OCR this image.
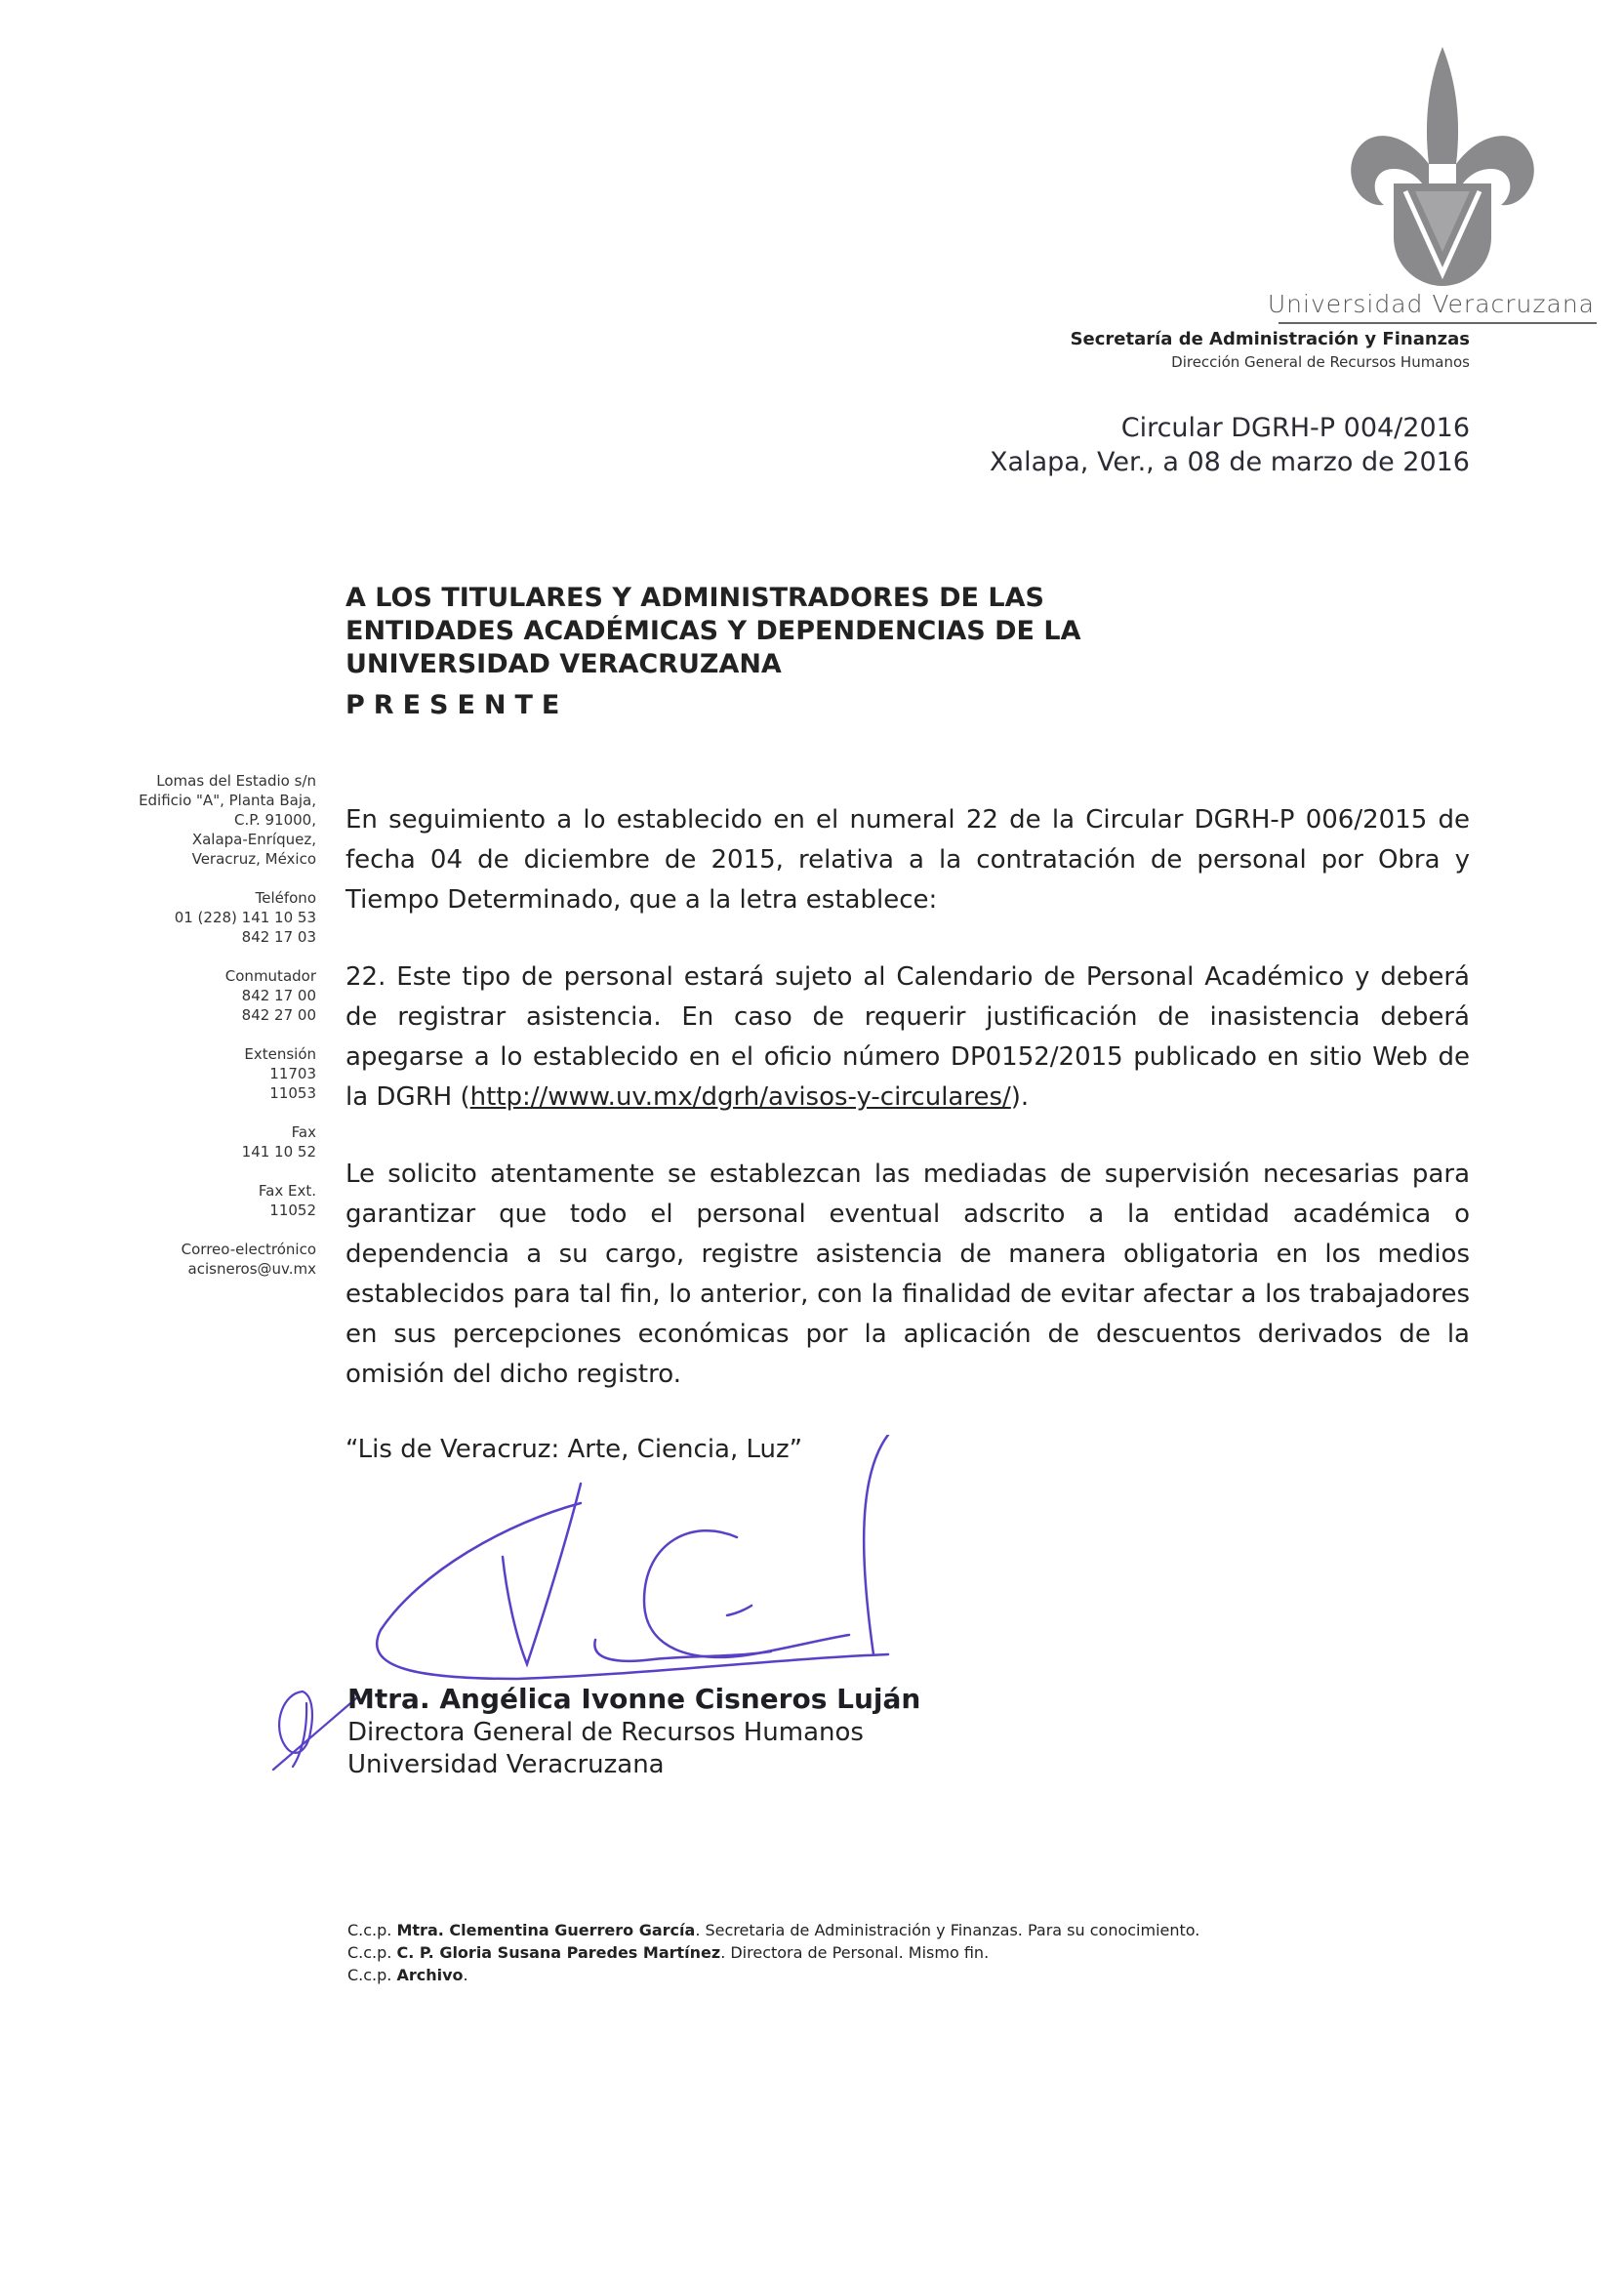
Universidad Veracruzana
Secretaría de Administración y Finanzas
Dirección General de Recursos Humanos
Circular DGRH-P 004/2016
Xalapa, Ver., a 08 de marzo de 2016
A LOS TITULARES Y ADMINISTRADORES DE LAS
ENTIDADES ACADÉMICAS Y DEPENDENCIAS DE LA
UNIVERSIDAD VERACRUZANA
PRESENTE
Lomas del Estadio s/n
Edificio "A", Planta Baja,
C.P. 91000,
Xalapa-Enríquez,
Veracruz, México
Teléfono
01 (228) 141 10 53
842 17 03
Conmutador
842 17 00
842 27 00
Extensión
11703
11053
Fax
141 10 52
Fax Ext.
11052
Correo-electrónico
acisneros@uv.mx

En seguimiento a lo establecido en el numeral 22 de la Circular DGRH-P 006/2015 de fecha 04 de diciembre de 2015, relativa a la contratación de personal por Obra y Tiempo Determinado, que a la letra establece:

22. Este tipo de personal estará sujeto al Calendario de Personal Académico y deberá de registrar asistencia. En caso de requerir justificación de inasistencia deberá apegarse a lo establecido en el oficio número DP0152/2015 publicado en sitio Web de la DGRH (http://www.uv.mx/dgrh/avisos-y-circulares/).

Le solicito atentamente se establezcan las mediadas de supervisión necesarias para garantizar que todo el personal eventual adscrito a la entidad académica o dependencia a su cargo, registre asistencia de manera obligatoria en los medios establecidos para tal fin, lo anterior, con la finalidad de evitar afectar a los trabajadores en sus percepciones económicas por la aplicación de descuentos derivados de la omisión del dicho registro.

“Lis de Veracruz: Arte, Ciencia, Luz”
Mtra. Angélica Ivonne Cisneros Luján
Directora General de Recursos Humanos
Universidad Veracruzana
C.c.p. Mtra. Clementina Guerrero García. Secretaria de Administración y Finanzas. Para su conocimiento.
C.c.p. C. P. Gloria Susana Paredes Martínez. Directora de Personal. Mismo fin.
C.c.p. Archivo.
